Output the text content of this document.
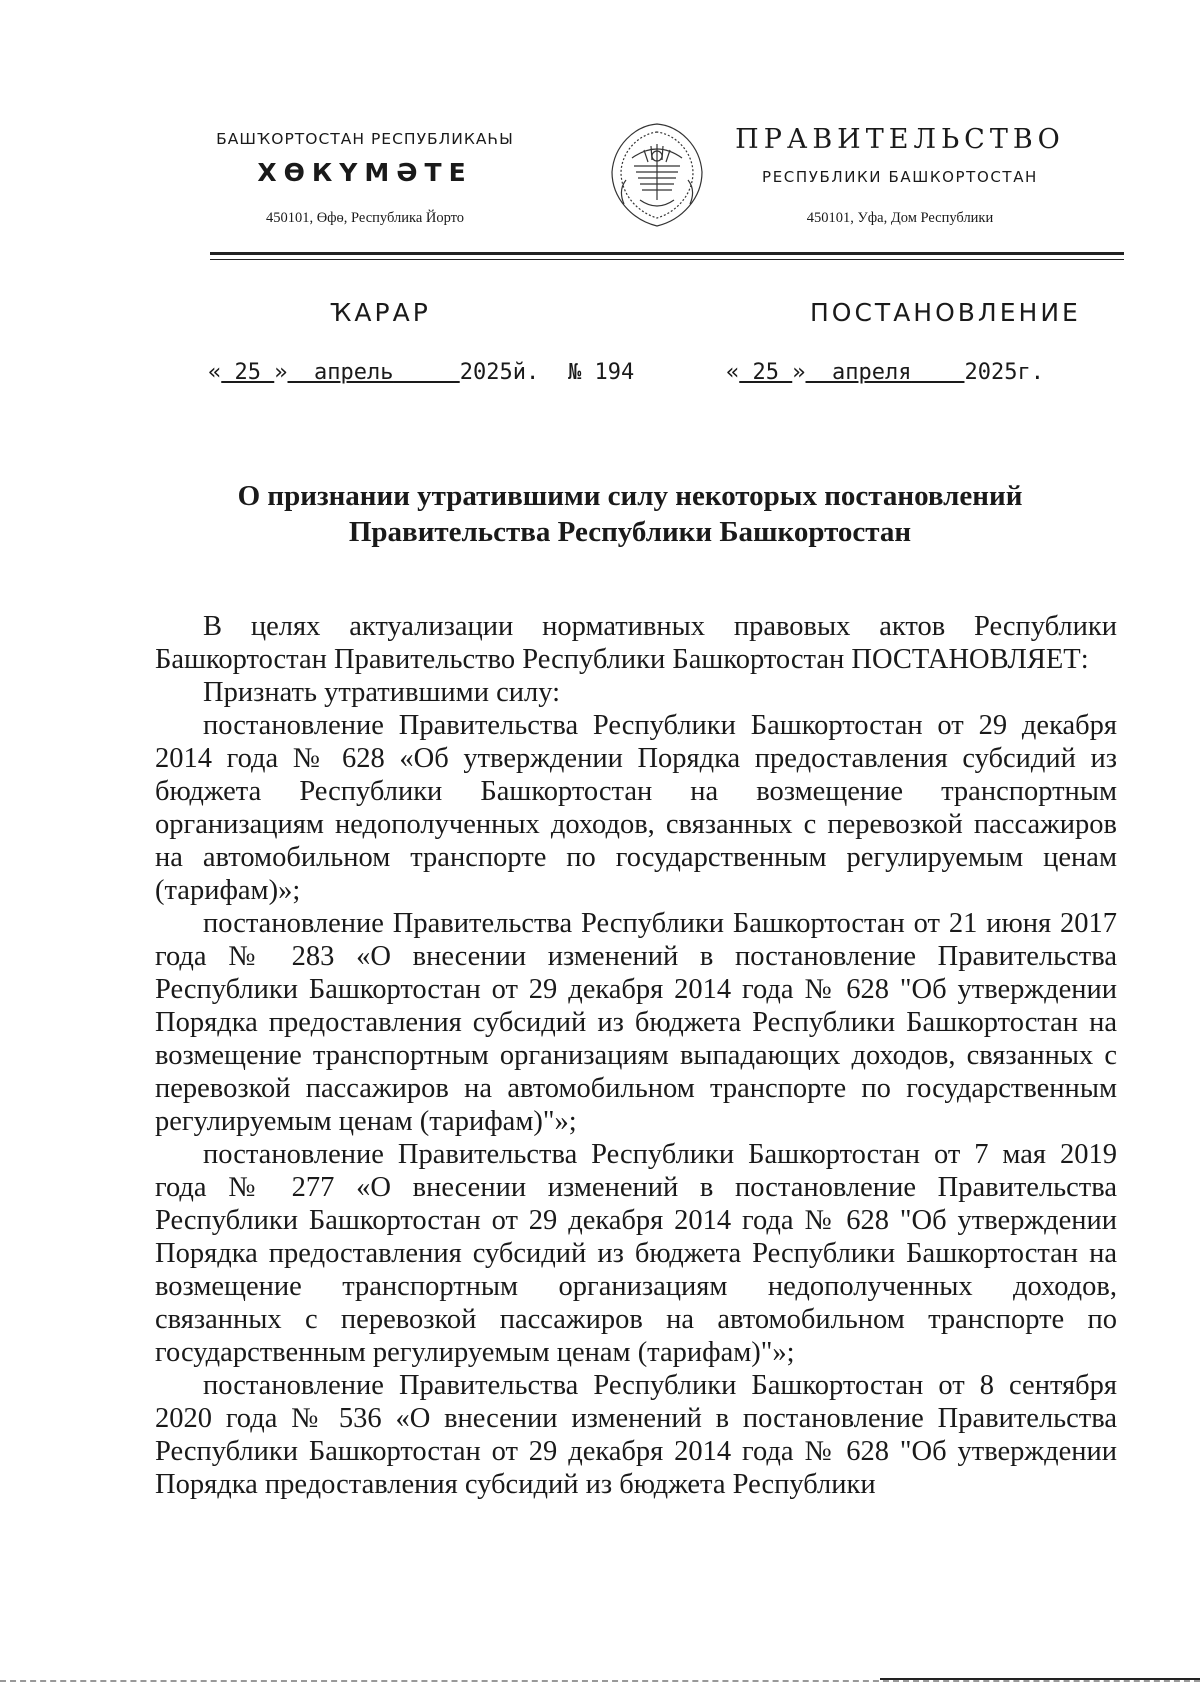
БАШҠОРТОСТАН РЕСПУБЛИКАҺЫ
ХӨКҮМӘТЕ
450101, Өфө, Республика Йорто
ПРАВИТЕЛЬСТВО
РЕСПУБЛИКИ БАШКОРТОСТАН
450101, Уфа, Дом Республики
ҠАРАР	ПОСТАНОВЛЕНИЕ
« 25 » апрель	2025й. № 194	« 25 » апреля 2025г.
О признании утратившими силу некоторых постановлений
Правительства Республики Башкортостан

В целях актуализации нормативных правовых актов Республики Башкортостан Правительство Республики Башкортостан ПОСТАНОВЛЯЕТ:

Признать утратившими силу:

постановление Правительства Республики Башкортостан от 29 декабря 2014 года № 628 «Об утверждении Порядка предоставления субсидий из бюджета Республики Башкортостан на возмещение транспортным организациям недополученных доходов, связанных с перевозкой пассажиров на автомобильном транспорте по государственным регулируемым ценам (тарифам)»;

постановление Правительства Республики Башкортостан от 21 июня 2017 года № 283 «О внесении изменений в постановление Правительства Республики Башкортостан от 29 декабря 2014 года № 628 "Об утверждении Порядка предоставления субсидий из бюджета Республики Башкортостан на возмещение транспортным организациям выпадающих доходов, связанных с перевозкой пассажиров на автомобильном транспорте по государственным регулируемым ценам (тарифам)"»;

постановление Правительства Республики Башкортостан от 7 мая 2019 года № 277 «О внесении изменений в постановление Правительства Республики Башкортостан от 29 декабря 2014 года № 628 "Об утверждении Порядка предоставления субсидий из бюджета Республики Башкортостан на возмещение транспортным организациям недополученных доходов, связанных с перевозкой пассажиров на автомобильном транспорте по государственным регулируемым ценам (тарифам)"»;

постановление Правительства Республики Башкортостан от 8 сентября 2020 года № 536 «О внесении изменений в постановление Правительства Республики Башкортостан от 29 декабря 2014 года № 628 "Об утверждении Порядка предоставления субсидий из бюджета Республики
